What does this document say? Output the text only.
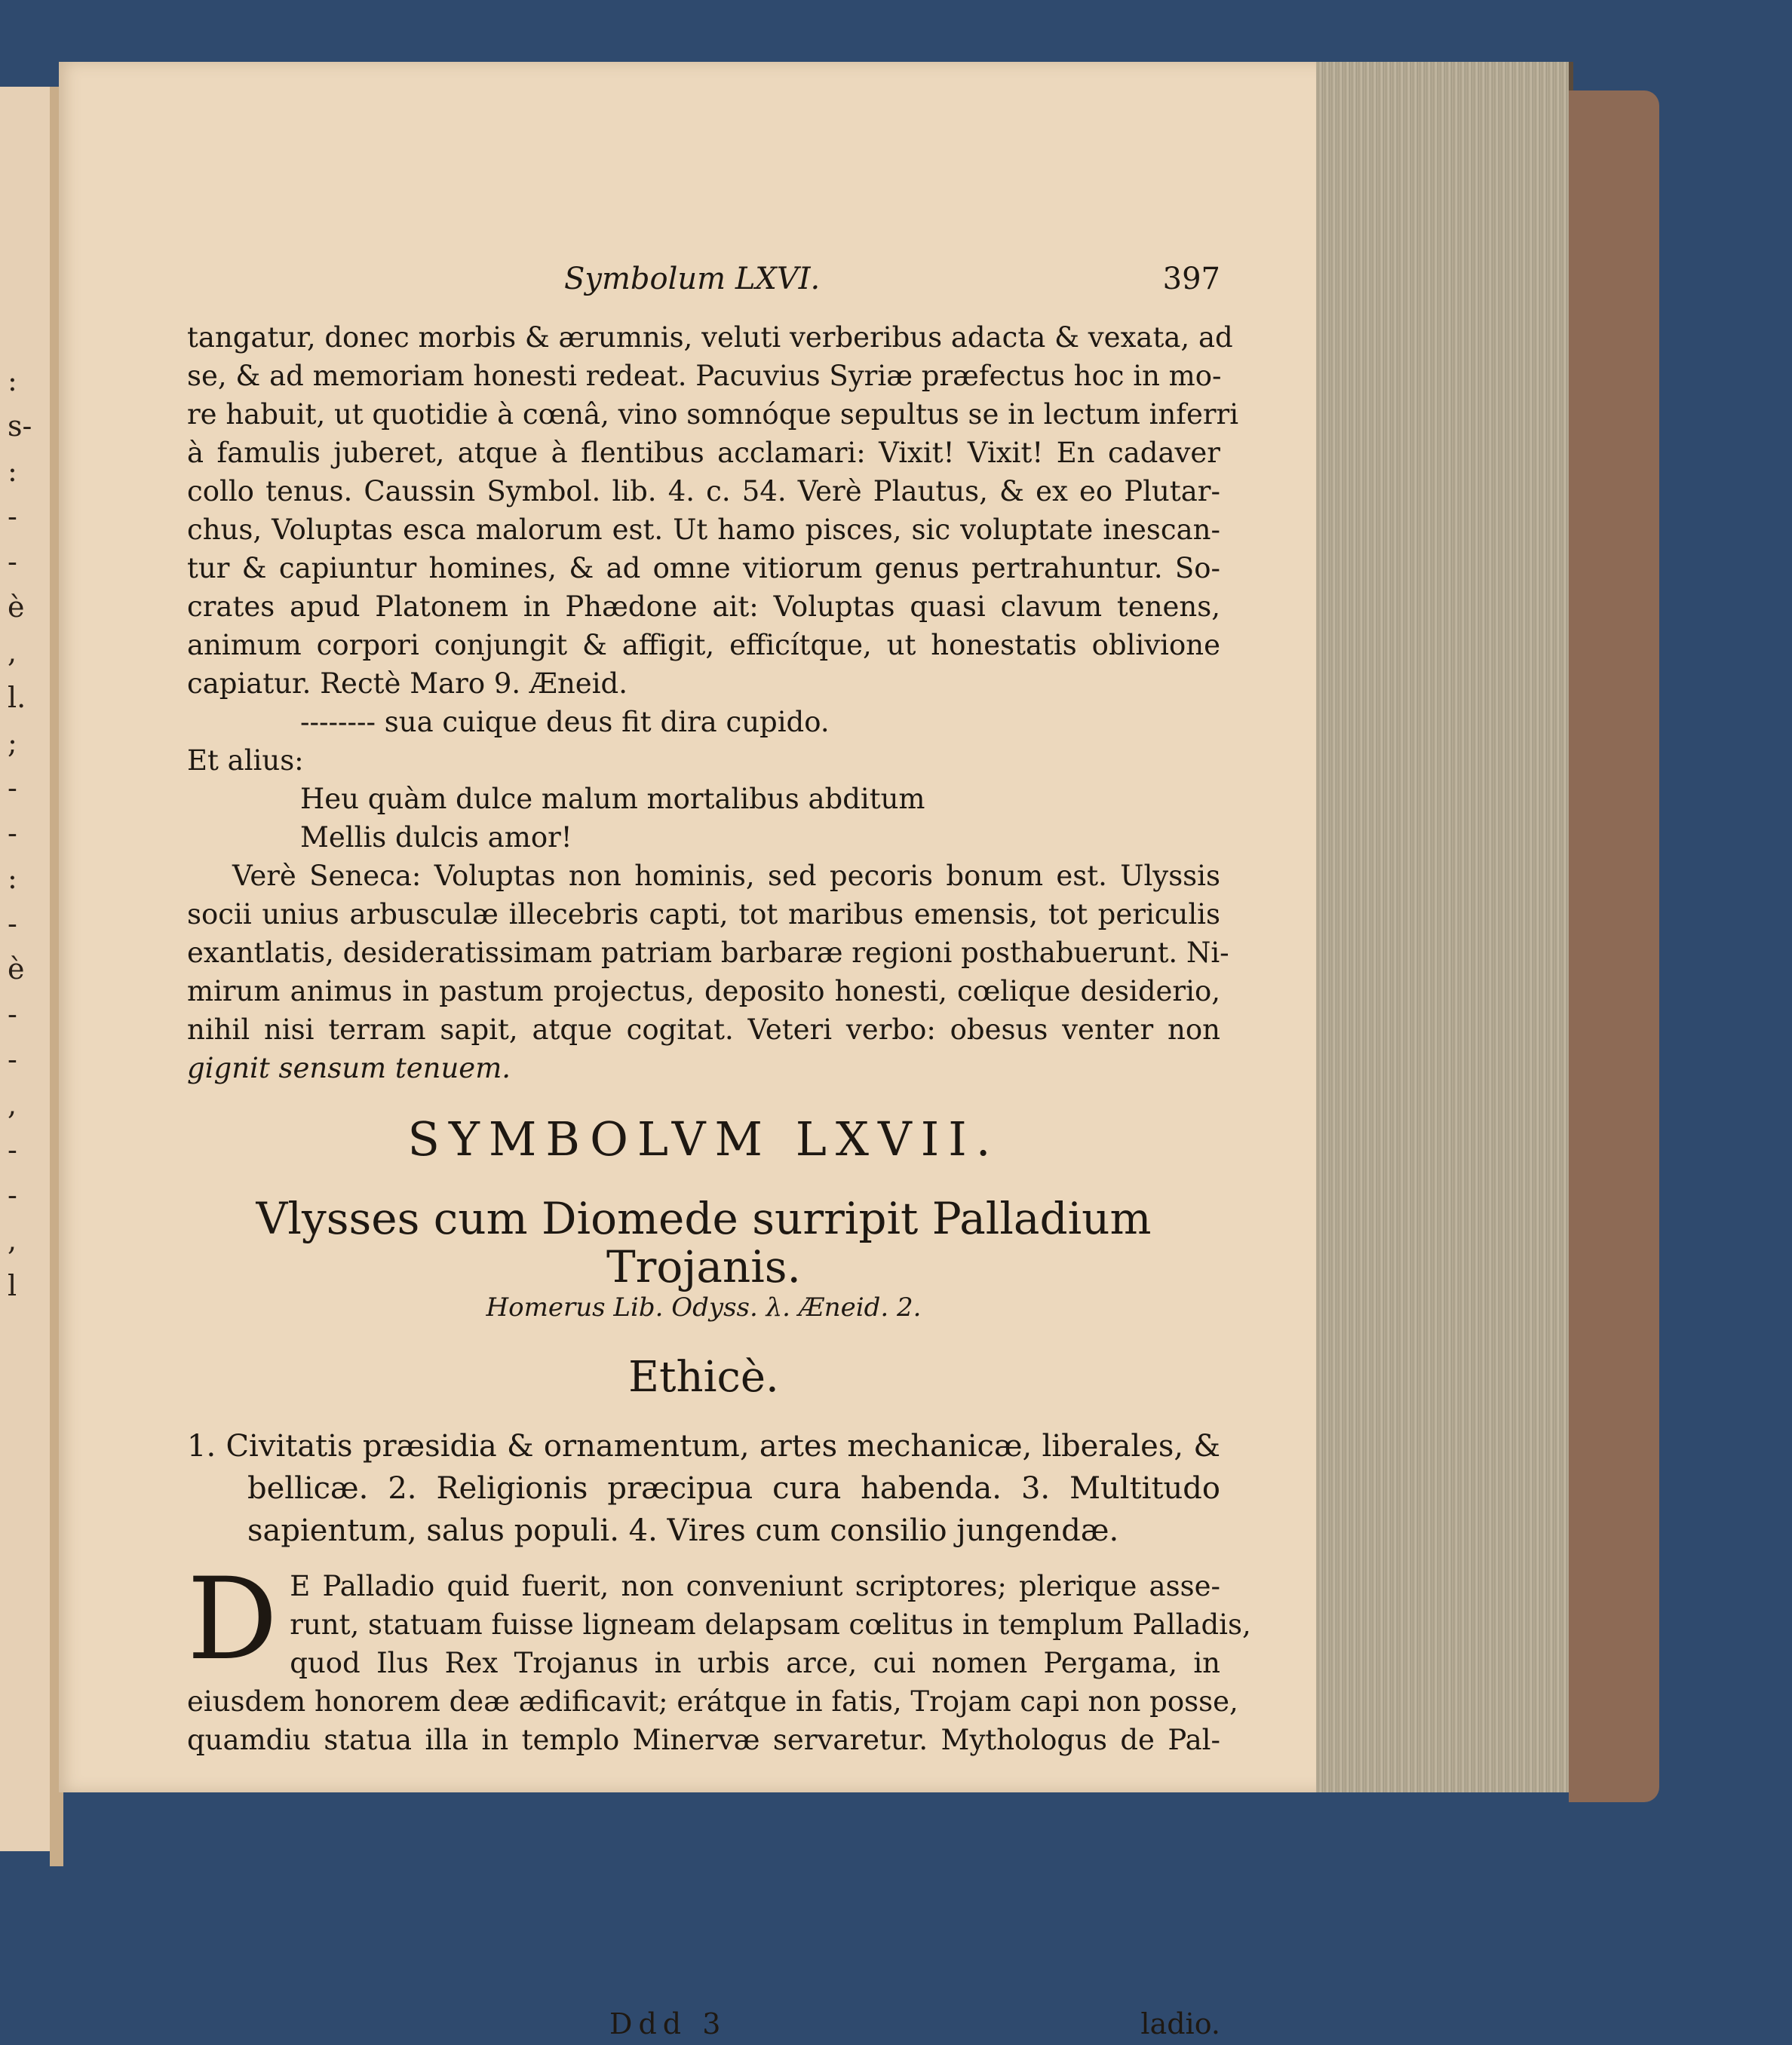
:
s-
:
-
-
è
,
l.
;
-
-
:
-
è
-
-
,
-
-
,
l
Symbolum LXVI.	397
tangatur, donec morbis & ærumnis, veluti verberibus adacta & vexata, ad
se, & ad memoriam honesti redeat. Pacuvius Syriæ præfectus hoc in mo-
re habuit, ut quotidie à cœnâ, vino somnóque sepultus se in lectum inferri
à famulis juberet, atque à flentibus acclamari: Vixit! Vixit! En cadaver
collo tenus. Caussin Symbol. lib. 4. c. 54. Verè Plautus, & ex eo Plutar-
chus, Voluptas esca malorum est. Ut hamo pisces, sic voluptate inescan-
tur & capiuntur homines, & ad omne vitiorum genus pertrahuntur. So-
crates apud Platonem in Phædone ait: Voluptas quasi clavum tenens,
animum corpori conjungit & affigit, efficítque, ut honestatis oblivione
capiatur. Rectè Maro 9. Æneid.
-------- sua cuique deus fit dira cupido.
Et alius:
Heu quàm dulce malum mortalibus abditum
Mellis dulcis amor!
Verè Seneca: Voluptas non hominis, sed pecoris bonum est. Ulyssis
socii unius arbusculæ illecebris capti, tot maribus emensis, tot periculis
exantlatis, desideratissimam patriam barbaræ regioni posthabuerunt. Ni-
mirum animus in pastum projectus, deposito honesti, cœlique desiderio,
nihil nisi terram sapit, atque cogitat. Veteri verbo: obesus venter non
gignit sensum tenuem.
SYMBOLVM LXVII.
Vlysses cum Diomede surripit Palladium Trojanis.
Homerus Lib. Odyss. λ. Æneid. 2.
Ethicè.
1. Civitatis præsidia & ornamentum, artes mechanicæ, liberales, &
bellicæ. 2. Religionis præcipua cura habenda. 3. Multitudo
sapientum, salus populi. 4. Vires cum consilio jungendæ.
D E Palladio quid fuerit, non conveniunt scriptores; plerique asse-
runt, statuam fuisse ligneam delapsam cœlitus in templum Palladis,
quod Ilus Rex Trojanus in urbis arce, cui nomen Pergama, in
eiusdem honorem deæ ædificavit; erátque in fatis, Trojam capi non posse,
quamdiu statua illa in templo Minervæ servaretur. Mythologus de Pal-
Ddd 3	ladio.
